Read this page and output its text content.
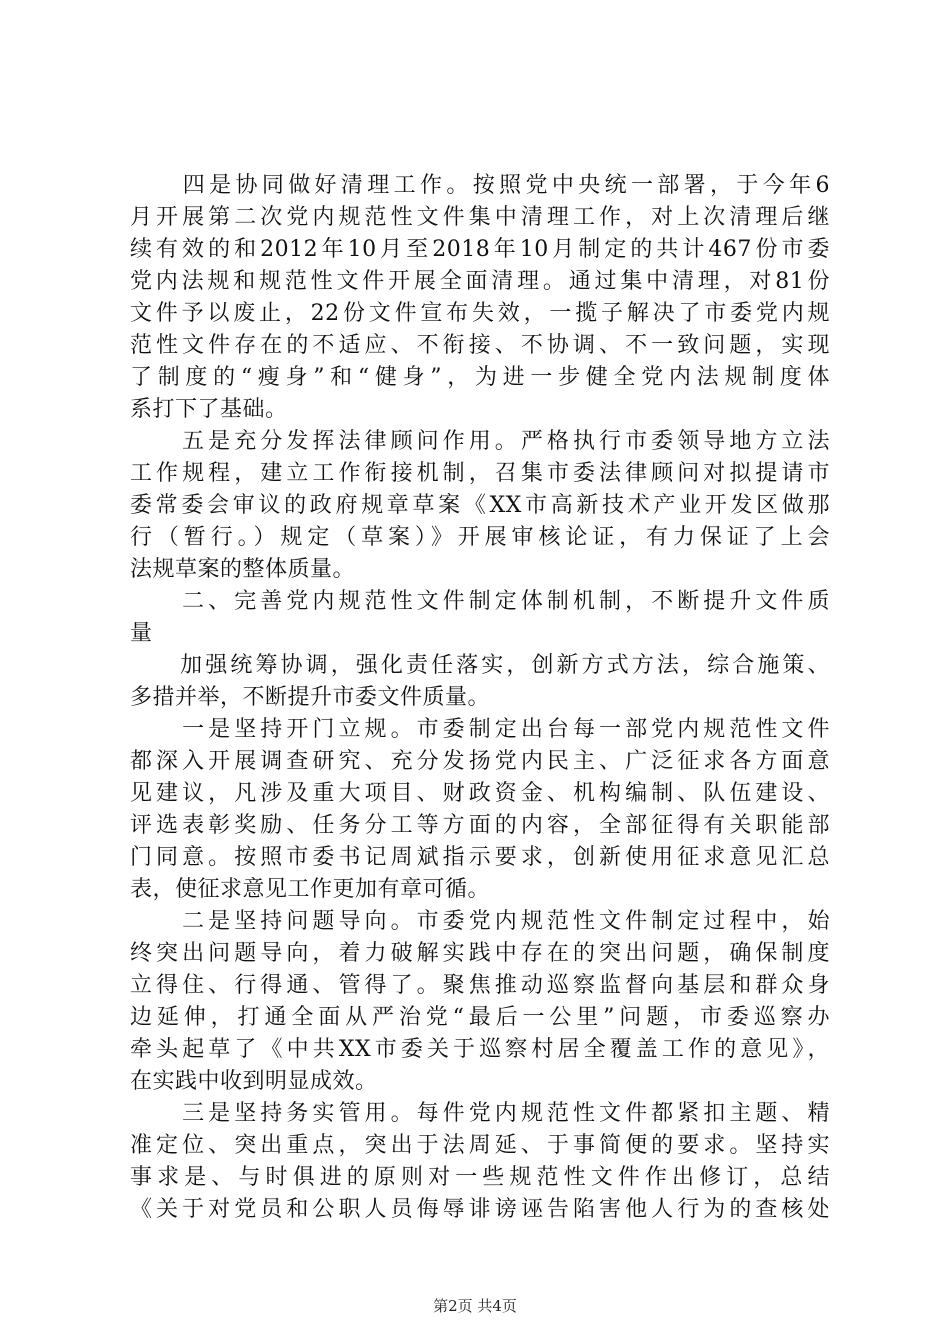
　　四是协同做好清理工作。按照党中央统一部署，于今年6
月开展第二次党内规范性文件集中清理工作，对上次清理后继
续有效的和2012年10月至2018年10月制定的共计467份市委
党内法规和规范性文件开展全面清理。通过集中清理，对81份
文件予以废止，22份文件宣布失效，一揽子解决了市委党内规
范性文件存在的不适应、不衔接、不协调、不一致问题，实现
了制度的“瘦身”和“健身”，为进一步健全党内法规制度体
系打下了基础。
　　五是充分发挥法律顾问作用。严格执行市委领导地方立法
工作规程，建立工作衔接机制，召集市委法律顾问对拟提请市
委常委会审议的政府规章草案《XX市高新技术产业开发区做那
行（暂行。）规定（草案）》开展审核论证，有力保证了上会
法规草案的整体质量。
　　二、完善党内规范性文件制定体制机制，不断提升文件质
量
　　加强统筹协调，强化责任落实，创新方式方法，综合施策、
多措并举，不断提升市委文件质量。
　　一是坚持开门立规。市委制定出台每一部党内规范性文件
都深入开展调查研究、充分发扬党内民主、广泛征求各方面意
见建议，凡涉及重大项目、财政资金、机构编制、队伍建设、
评选表彰奖励、任务分工等方面的内容，全部征得有关职能部
门同意。按照市委书记周斌指示要求，创新使用征求意见汇总
表，使征求意见工作更加有章可循。
　　二是坚持问题导向。市委党内规范性文件制定过程中，始
终突出问题导向，着力破解实践中存在的突出问题，确保制度
立得住、行得通、管得了。聚焦推动巡察监督向基层和群众身
边延伸，打通全面从严治党“最后一公里”问题，市委巡察办
牵头起草了《中共XX市委关于巡察村居全覆盖工作的意见》，
在实践中收到明显成效。
　　三是坚持务实管用。每件党内规范性文件都紧扣主题、精
准定位、突出重点，突出于法周延、于事简便的要求。坚持实
事求是、与时俱进的原则对一些规范性文件作出修订，总结
《关于对党员和公职人员侮辱诽谤诬告陷害他人行为的查核处
第2页 共4页
